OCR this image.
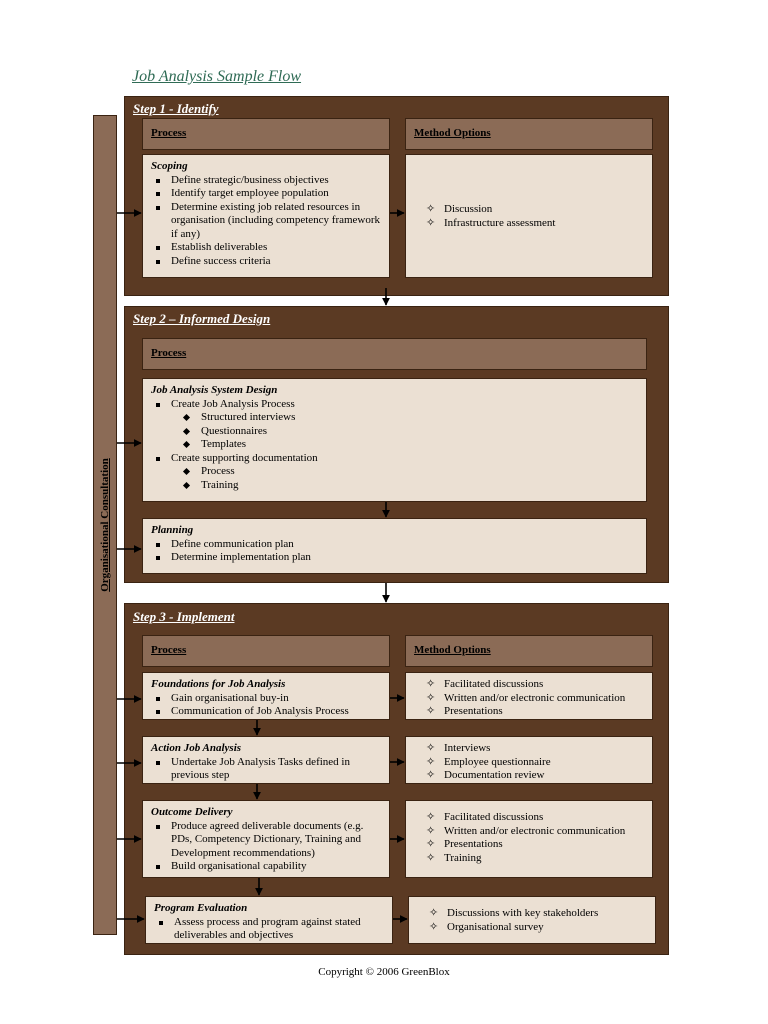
Job Analysis Sample Flow
Organisational Consultation
Step 1 - Identify
Process	Method Options
Scoping
Define strategic/business objectives
Identify target employee population
Determine existing job related resources in organisation (including competency framework if any)
Establish deliverables
Define success criteria
✧ Discussion
✧ Infrastructure assessment
Step 2 – Informed Design
Process
Job Analysis System Design
Create Job Analysis Process
Structured interviews
Questionnaires
Templates
Create supporting documentation
Process
Training
Planning
Define communication plan
Determine implementation plan
Step 3 - Implement
Process	Method Options
Foundations for Job Analysis
Gain organisational buy-in
Communication of Job Analysis Process
✧ Facilitated discussions
✧ Written and/or electronic communication
✧ Presentations
Action Job Analysis
Undertake Job Analysis Tasks defined in previous step
✧ Interviews
✧ Employee questionnaire
✧ Documentation review
Outcome Delivery
Produce agreed deliverable documents (e.g. PDs, Competency Dictionary, Training and Development recommendations)
Build organisational capability
✧ Facilitated discussions
✧ Written and/or electronic communication
✧ Presentations
✧ Training
Program Evaluation
Assess process and program against stated deliverables and objectives
✧ Discussions with key stakeholders
✧ Organisational survey
Copyright © 2006 GreenBlox
